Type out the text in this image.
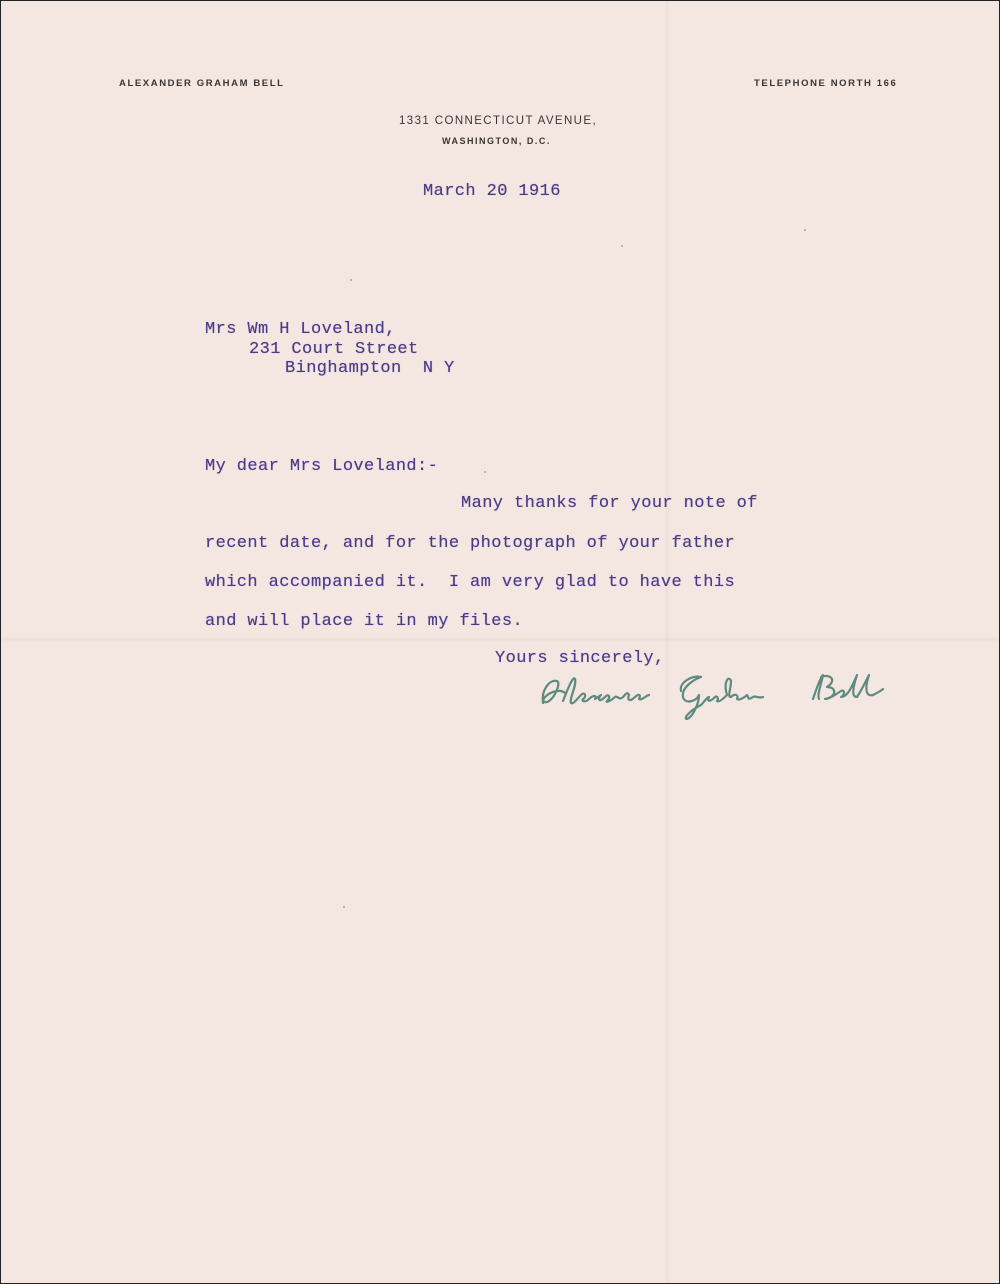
ALEXANDER GRAHAM BELL	TELEPHONE NORTH 166
1331 CONNECTICUT AVENUE,
WASHINGTON, D.C.
March 20 1916
Mrs Wm H Loveland,
231 Court Street
Binghampton  N Y
My dear Mrs Loveland:-
Many thanks for your note of
recent date, and for the photograph of your father
which accompanied it.  I am very glad to have this
and will place it in my files.
Yours sincerely,
